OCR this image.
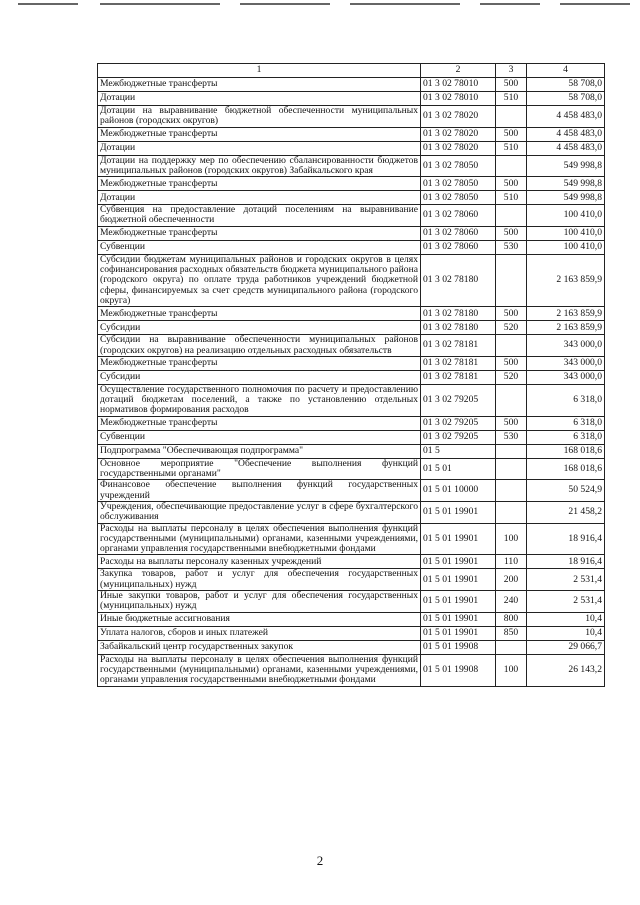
1	2	3	4
Межбюджетные трансферты	01 3 02 78010	500	58 708,0
Дотации	01 3 02 78010	510	58 708,0
Дотации на выравнивание бюджетной обеспеченности муниципальных районов (городских округов)	01 3 02 78020		4 458 483,0
Межбюджетные трансферты	01 3 02 78020	500	4 458 483,0
Дотации	01 3 02 78020	510	4 458 483,0
Дотации на поддержку мер по обеспечению сбалансированности бюджетов муниципальных районов (городских округов) Забайкальского края	01 3 02 78050		549 998,8
Межбюджетные трансферты	01 3 02 78050	500	549 998,8
Дотации	01 3 02 78050	510	549 998,8
Субвенция на предоставление дотаций поселениям на выравнивание бюджетной обеспеченности	01 3 02 78060		100 410,0
Межбюджетные трансферты	01 3 02 78060	500	100 410,0
Субвенции	01 3 02 78060	530	100 410,0
Субсидии бюджетам муниципальных районов и городских округов в целях софинансирования расходных обязательств бюджета муниципального района (городского округа) по оплате труда работников учреждений бюджетной сферы, финансируемых за счет средств муниципального района (городского округа)	01 3 02 78180		2 163 859,9
Межбюджетные трансферты	01 3 02 78180	500	2 163 859,9
Субсидии	01 3 02 78180	520	2 163 859,9
Субсидии на выравнивание обеспеченности муниципальных районов (городских округов) на реализацию отдельных расходных обязательств	01 3 02 78181		343 000,0
Межбюджетные трансферты	01 3 02 78181	500	343 000,0
Субсидии	01 3 02 78181	520	343 000,0
Осуществление государственного полномочия по расчету и предоставлению дотаций бюджетам поселений, а также по установлению отдельных нормативов формирования расходов	01 3 02 79205		6 318,0
Межбюджетные трансферты	01 3 02 79205	500	6 318,0
Субвенции	01 3 02 79205	530	6 318,0
Подпрограмма "Обеспечивающая подпрограмма"	01 5		168 018,6
Основное мероприятие "Обеспечение выполнения функций государственными органами"	01 5 01		168 018,6
Финансовое обеспечение выполнения функций государственных учреждений	01 5 01 10000		50 524,9
Учреждения, обеспечивающие предоставление услуг в сфере бухгалтерского обслуживания	01 5 01 19901		21 458,2
Расходы на выплаты персоналу в целях обеспечения выполнения функций государственными (муниципальными) органами, казенными учреждениями, органами управления государственными внебюджетными фондами	01 5 01 19901	100	18 916,4
Расходы на выплаты персоналу казенных учреждений	01 5 01 19901	110	18 916,4
Закупка товаров, работ и услуг для обеспечения государственных (муниципальных) нужд	01 5 01 19901	200	2 531,4
Иные закупки товаров, работ и услуг для обеспечения государственных (муниципальных) нужд	01 5 01 19901	240	2 531,4
Иные бюджетные ассигнования	01 5 01 19901	800	10,4
Уплата налогов, сборов и иных платежей	01 5 01 19901	850	10,4
Забайкальский центр государственных закупок	01 5 01 19908		29 066,7
Расходы на выплаты персоналу в целях обеспечения выполнения функций государственными (муниципальными) органами, казенными учреждениями, органами управления государственными внебюджетными фондами	01 5 01 19908	100	26 143,2
2
